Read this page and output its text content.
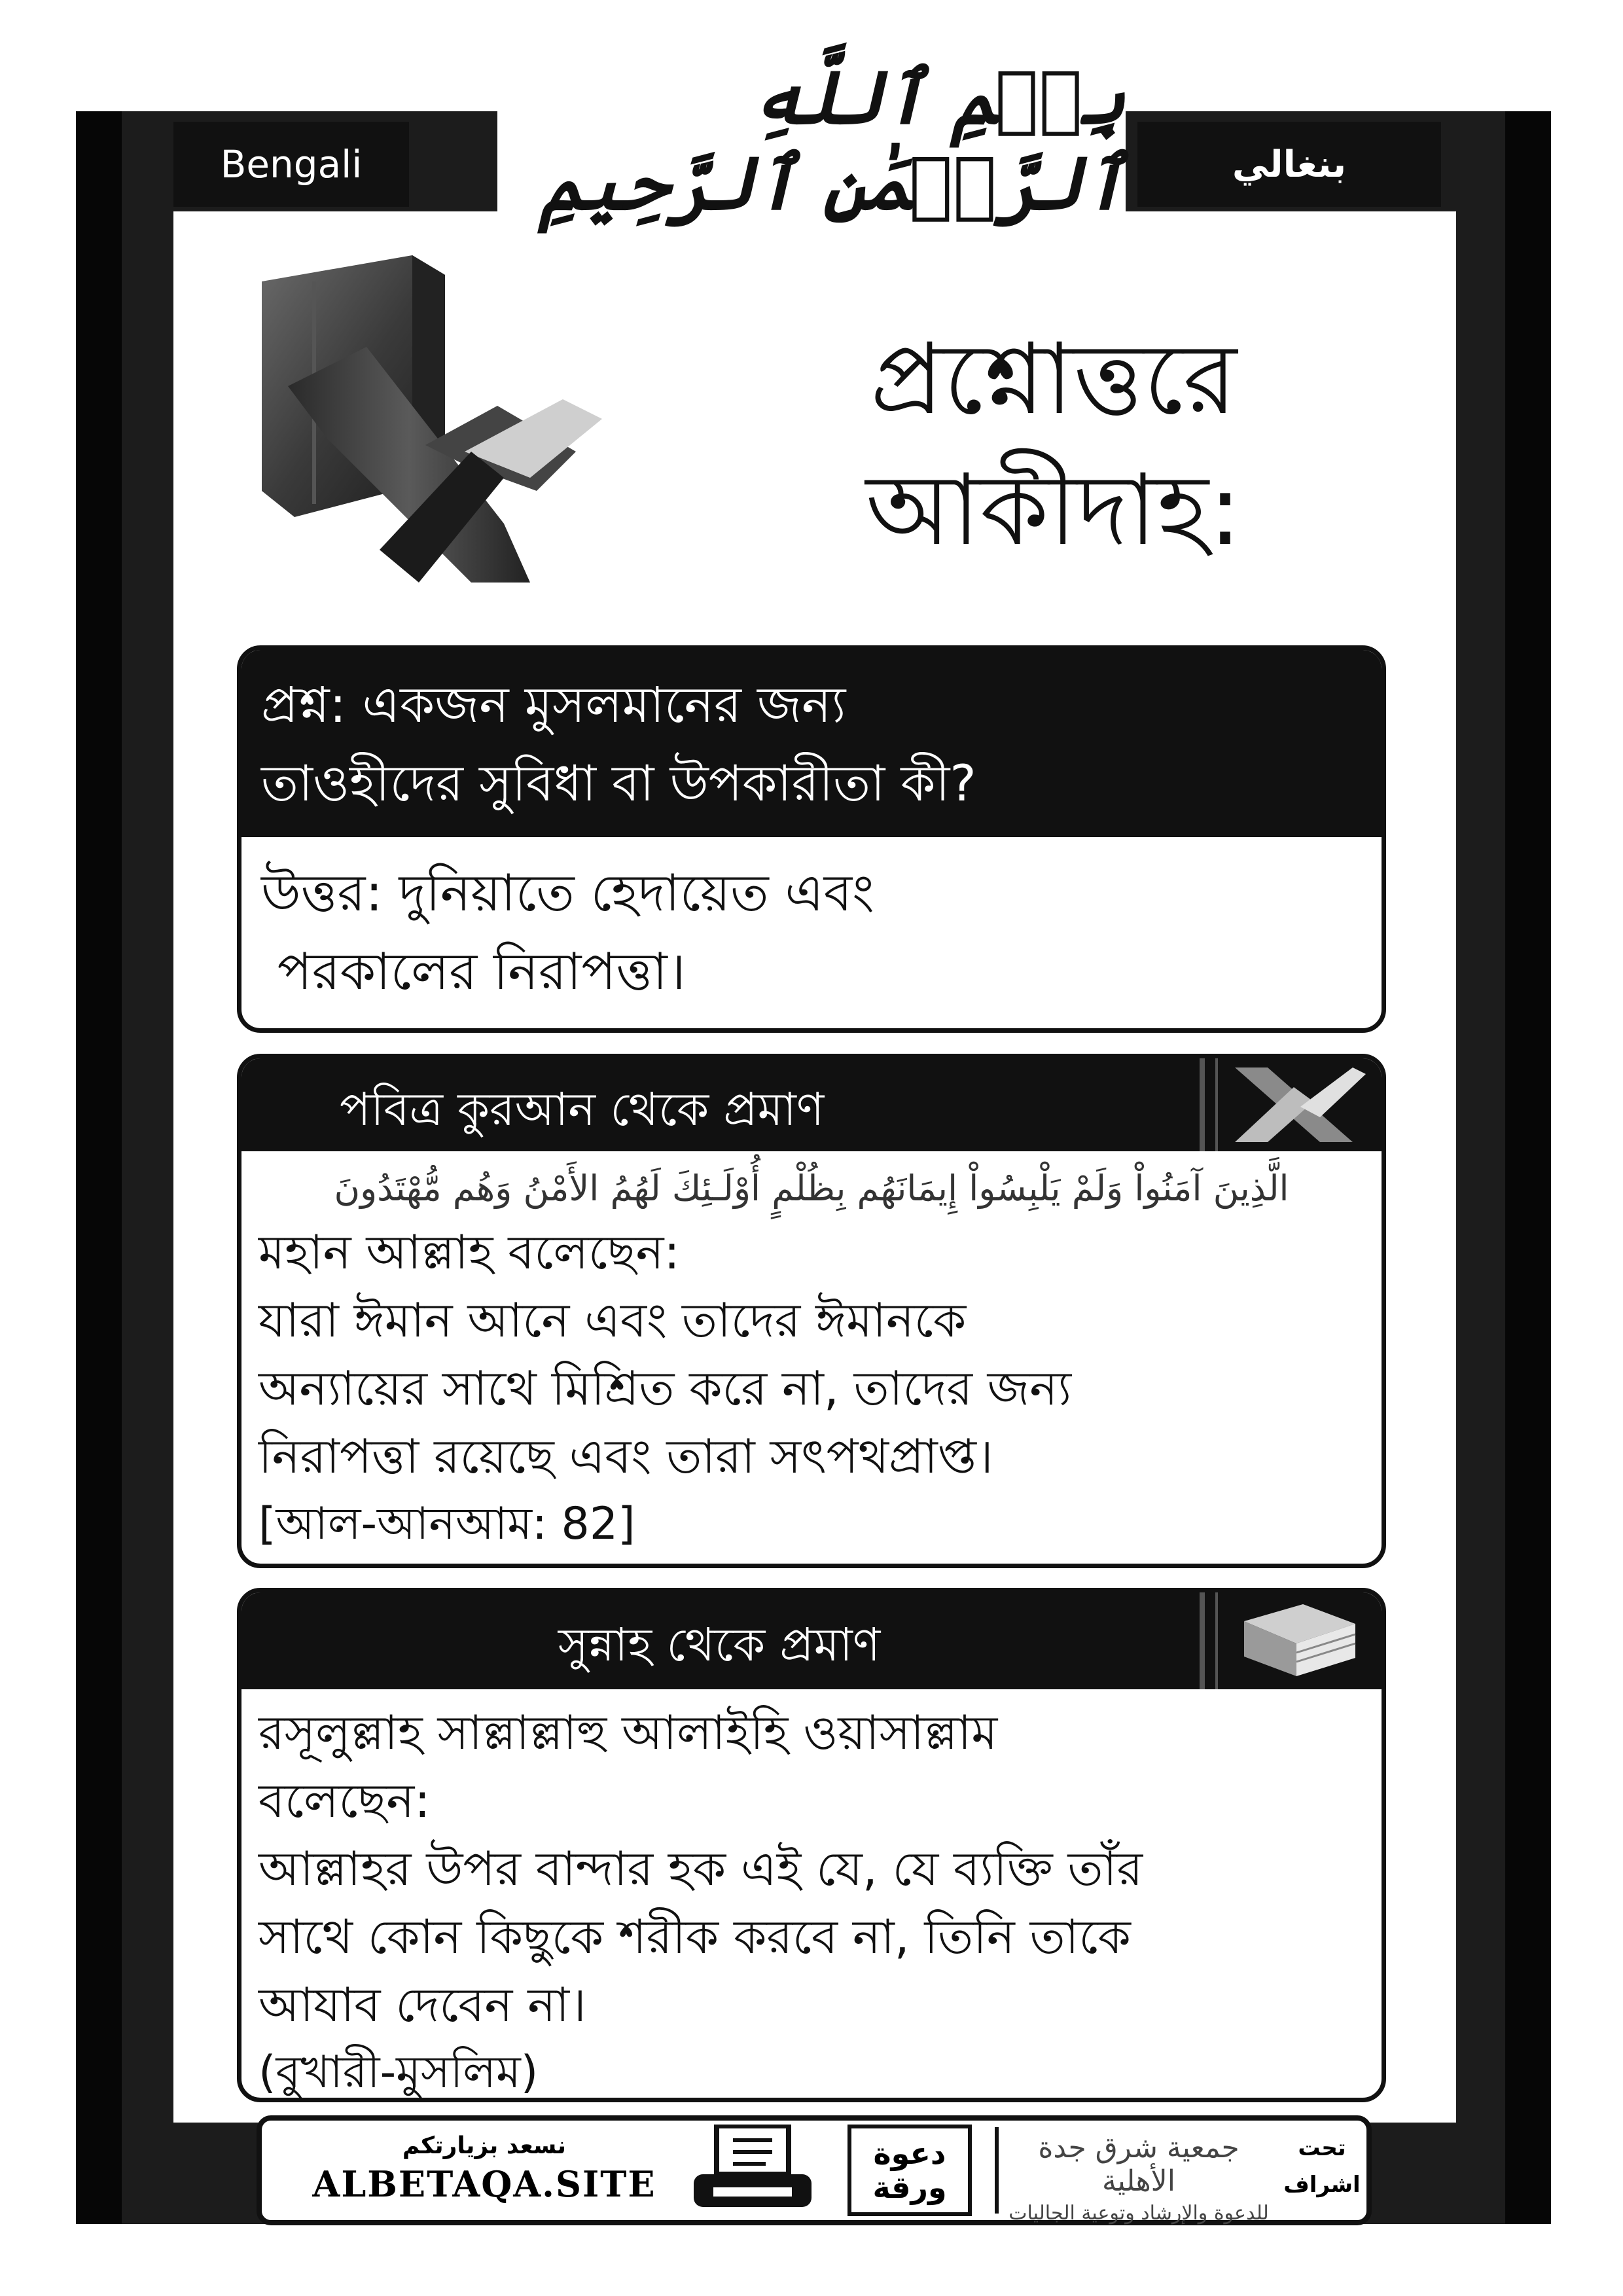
Bengali	بنغالي
بِسۡمِ ٱللَّهِ ٱلرَّحۡمَٰنِ ٱلرَّحِيمِ
প্রশ্নোত্তরে
আকীদাহ:
প্রশ্ন: একজন মুসলমানের জন্য
তাওহীদের সুবিধা বা উপকারীতা কী?
উত্তর: দুনিয়াতে হেদায়েত এবং
পরকালের নিরাপত্তা।
পবিত্র কুরআন থেকে প্রমাণ
الَّذِينَ آمَنُواْ وَلَمْ يَلْبِسُواْ إِيمَانَهُم بِظُلْمٍ أُوْلَـئِكَ لَهُمُ الأَمْنُ وَهُم مُّهْتَدُونَ
মহান আল্লাহ বলেছেন:
যারা ঈমান আনে এবং তাদের ঈমানকে
অন্যায়ের সাথে মিশ্রিত করে না, তাদের জন্য
নিরাপত্তা রয়েছে এবং তারা সৎপথপ্রাপ্ত।
[আল-আনআম: 82]
সুন্নাহ থেকে প্রমাণ
রসূলুল্লাহ সাল্লাল্লাহু আলাইহি ওয়াসাল্লাম
বলেছেন:
আল্লাহর উপর বান্দার হক এই যে, যে ব্যক্তি তাঁর
সাথে কোন কিছুকে শরীক করবে না, তিনি তাকে
আযাব দেবেন না।
(বুখারী-মুসলিম)
نسعد بزيارتكم
ALBETAQA.SITE
دعوة ورقة
جمعية شرق جدة الأهلية
للدعوة والإرشاد وتوعية الجاليات
تحت
اشراف
